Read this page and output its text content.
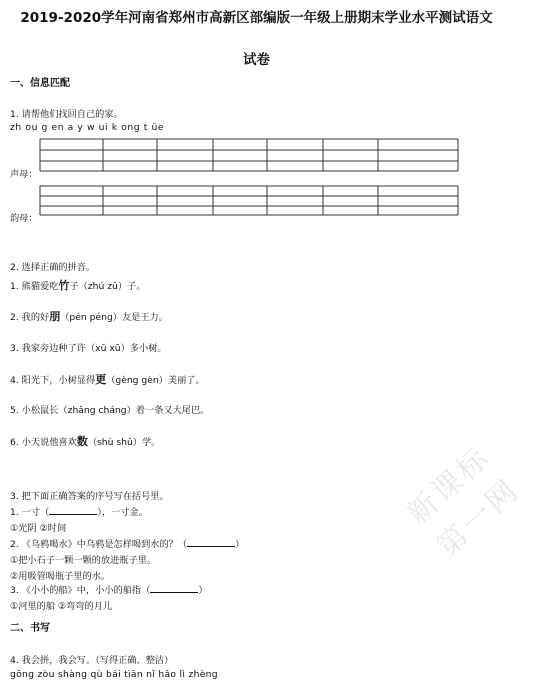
2019-2020学年河南省郑州市高新区部编版一年级上册期末学业水平测试语文
试卷
一、信息匹配
1. 请帮他们找回自己的家。
zh ou g en a y w ui k ong t üe
声母：
韵母：
2. 选择正确的拼音。
1. 熊猫爱吃竹子（zhú zǔ）子。
2. 我的好朋（pén péng）友是王力。
3. 我家旁边种了许（xǔ xū）多小树。
4. 阳光下，小树显得更（gèng gèn）美丽了。
5. 小松鼠长（zhǎng cháng）着一条又大尾巴。
6. 小天说他喜欢数（shù shǔ）学。
3. 把下面正确答案的序号写在括号里。
1. 一寸（	），一寸金。
①光阴 ②时间
2. 《乌鸦喝水》中乌鸦是怎样喝到水的？（	）
①把小石子一颗一颗的放进瓶子里。
②用吸管喝瓶子里的水。
3. 《小小的船》中，小小的船指（	）
①河里的船 ②弯弯的月儿
二、书写
4. 我会拼，我会写。（写得正确、整洁）
gōng zòu shàng qù bái tiān nǐ hǎo lì zhèng
新课标第一网
